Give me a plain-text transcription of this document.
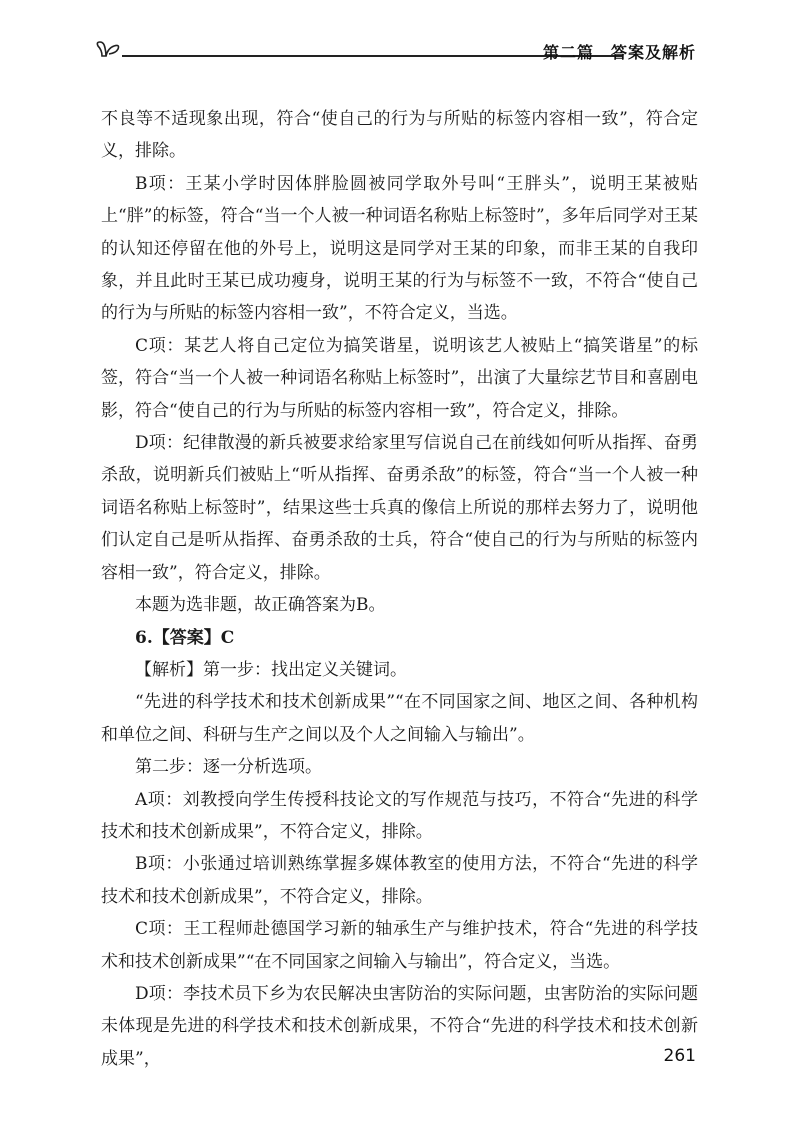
第二篇　答案及解析

不良等不适现象出现，符合“使自己的行为与所贴的标签内容相一致”，符合定义，排除。

B项：王某小学时因体胖脸圆被同学取外号叫“王胖头”，说明王某被贴上“胖”的标签，符合“当一个人被一种词语名称贴上标签时”，多年后同学对王某的认知还停留在他的外号上，说明这是同学对王某的印象，而非王某的自我印象，并且此时王某已成功瘦身，说明王某的行为与标签不一致，不符合“使自己的行为与所贴的标签内容相一致”，不符合定义，当选。

C项：某艺人将自己定位为搞笑谐星，说明该艺人被贴上“搞笑谐星”的标签，符合“当一个人被一种词语名称贴上标签时”，出演了大量综艺节目和喜剧电影，符合“使自己的行为与所贴的标签内容相一致”，符合定义，排除。

D项：纪律散漫的新兵被要求给家里写信说自己在前线如何听从指挥、奋勇杀敌，说明新兵们被贴上“听从指挥、奋勇杀敌”的标签，符合“当一个人被一种词语名称贴上标签时”，结果这些士兵真的像信上所说的那样去努力了，说明他们认定自己是听从指挥、奋勇杀敌的士兵，符合“使自己的行为与所贴的标签内容相一致”，符合定义，排除。

本题为选非题，故正确答案为B。

6.【答案】C

【解析】第一步：找出定义关键词。

“先进的科学技术和技术创新成果”“在不同国家之间、地区之间、各种机构和单位之间、科研与生产之间以及个人之间输入与输出”。

第二步：逐一分析选项。

A项：刘教授向学生传授科技论文的写作规范与技巧，不符合“先进的科学技术和技术创新成果”，不符合定义，排除。

B项：小张通过培训熟练掌握多媒体教室的使用方法，不符合“先进的科学技术和技术创新成果”，不符合定义，排除。

C项：王工程师赴德国学习新的轴承生产与维护技术，符合“先进的科学技术和技术创新成果”“在不同国家之间输入与输出”，符合定义，当选。

D项：李技术员下乡为农民解决虫害防治的实际问题，虫害防治的实际问题未体现是先进的科学技术和技术创新成果，不符合“先进的科学技术和技术创新成果”，	261
